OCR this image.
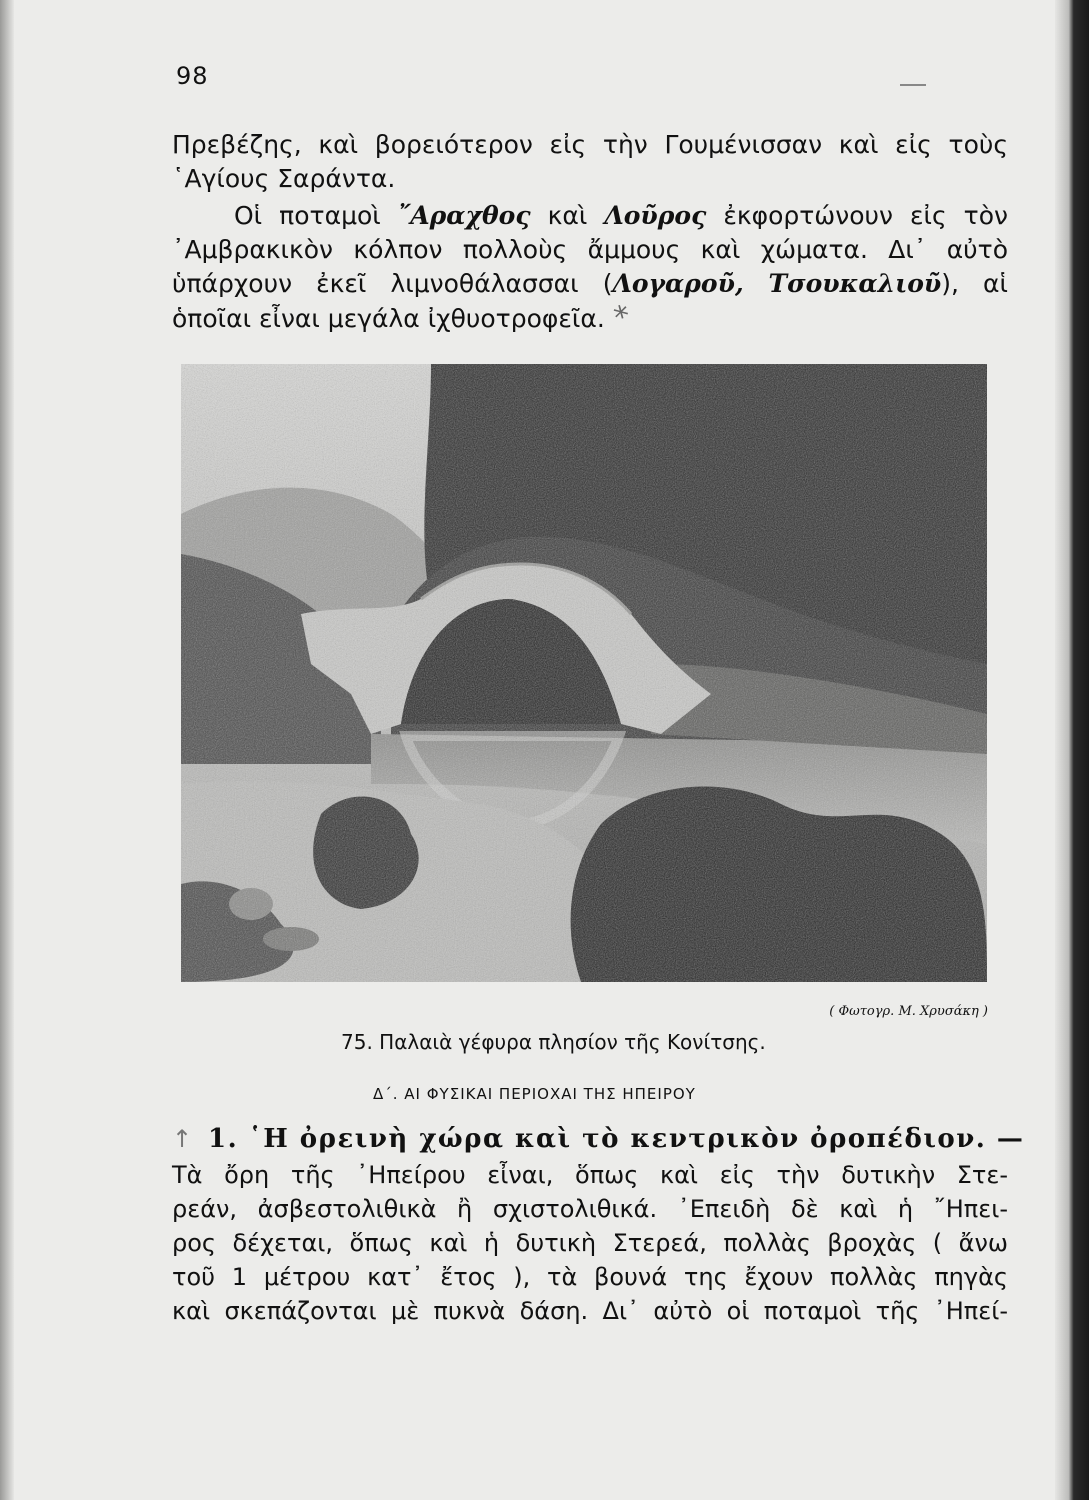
98
Πρεβέζης, καὶ βορειότερον εἰς τὴν Γουμένισσαν καὶ εἰς τοὺς
῾Αγίους Σαράντα.
Οἱ ποταμοὶ ῎Αραχθος καὶ Λοῦρος ἐκφορτώνουν εἰς τὸν
᾿Αμβρακικὸν κόλπον πολλοὺς ἄμμους καὶ χώματα. Δι᾿ αὐτὸ
ὑπάρχουν ἐκεῖ λιμνοθάλασσαι (Λογαροῦ, Τσουκαλιοῦ), αἱ
ὁποῖαι εἶναι μεγάλα ἰχθυοτροφεῖα. *
( Φωτογρ. Μ. Χρυσάκη )
75. Παλαιὰ γέφυρα πλησίον τῆς Κονίτσης.
Δ΄. ΑΙ ΦΥΣΙΚΑΙ ΠΕΡΙΟΧΑΙ ΤΗΣ ΗΠΕΙΡΟΥ
↑ 1. ῾Η ὀρεινὴ χώρα καὶ τὸ κεντρικὸν ὀροπέδιον. —
Τὰ ὄρη τῆς ᾿Ηπείρου εἶναι, ὅπως καὶ εἰς τὴν δυτικὴν Στε-
ρεάν, ἀσβεστολιθικὰ ἢ σχιστολιθικά. ᾿Επειδὴ δὲ καὶ ἡ ῎Ηπει-
ρος δέχεται, ὅπως καὶ ἡ δυτικὴ Στερεά, πολλὰς βροχὰς ( ἄνω
τοῦ 1 μέτρου κατ᾿ ἔτος ), τὰ βουνά της ἔχουν πολλὰς πηγὰς
καὶ σκεπάζονται μὲ πυκνὰ δάση. Δι᾿ αὐτὸ οἱ ποταμοὶ τῆς ᾿Ηπεί-
